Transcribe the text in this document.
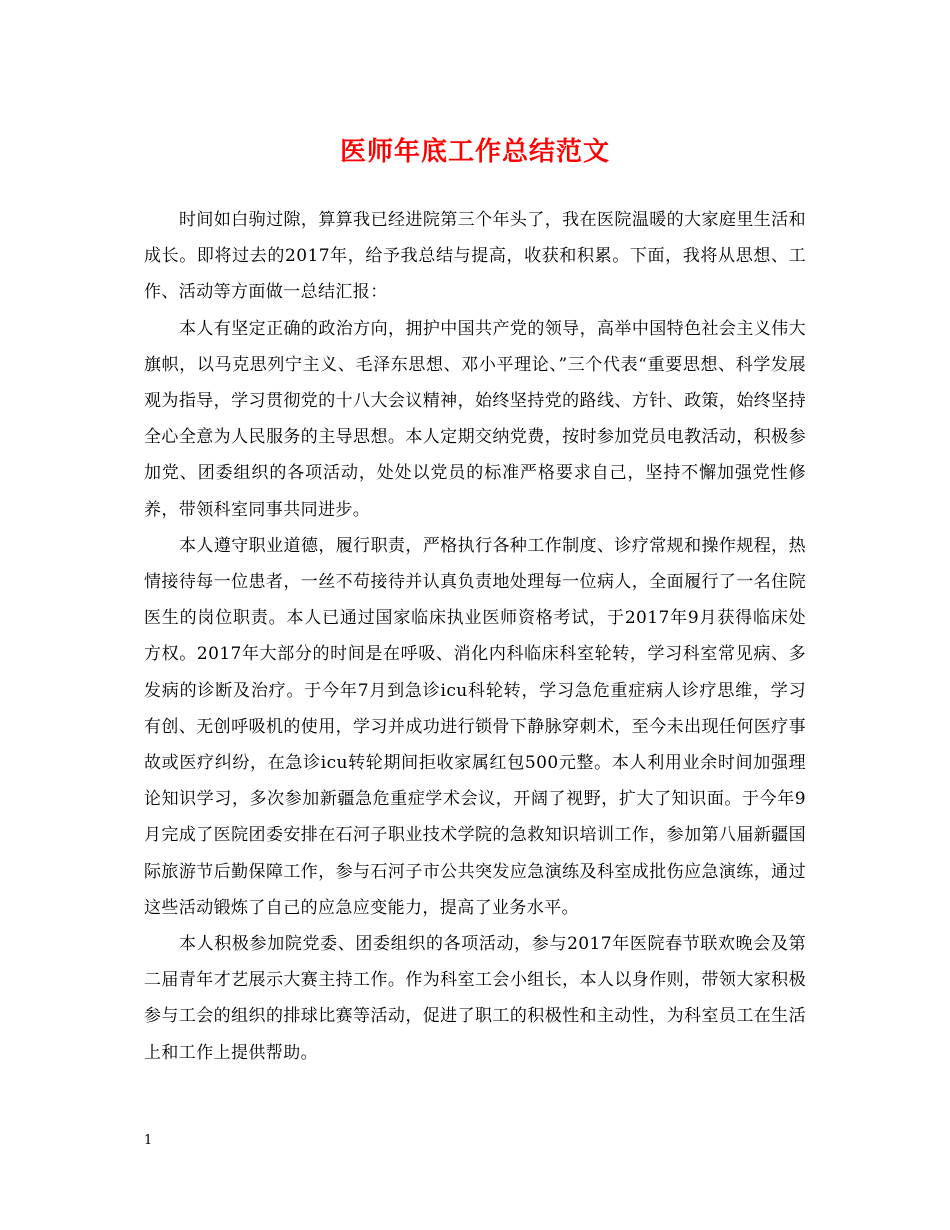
医师年底工作总结范文

时间如白驹过隙，算算我已经进院第三个年头了，我在医院温暖的大家庭里生活和成长。即将过去的2017年，给予我总结与提高，收获和积累。下面，我将从思想、工作、活动等方面做一总结汇报：

本人有坚定正确的政治方向，拥护中国共产党的领导，高举中国特色社会主义伟大旗帜，以马克思列宁主义、毛泽东思想、邓小平理论、”三个代表“重要思想、科学发展观为指导，学习贯彻党的十八大会议精神，始终坚持党的路线、方针、政策，始终坚持全心全意为人民服务的主导思想。本人定期交纳党费，按时参加党员电教活动，积极参加党、团委组织的各项活动，处处以党员的标准严格要求自己，坚持不懈加强党性修养，带领科室同事共同进步。

本人遵守职业道德，履行职责，严格执行各种工作制度、诊疗常规和操作规程，热情接待每一位患者，一丝不苟接待并认真负责地处理每一位病人，全面履行了一名住院医生的岗位职责。本人已通过国家临床执业医师资格考试，于2017年9月获得临床处方权。2017年大部分的时间是在呼吸、消化内科临床科室轮转，学习科室常见病、多发病的诊断及治疗。于今年7月到急诊icu科轮转，学习急危重症病人诊疗思维，学习有创、无创呼吸机的使用，学习并成功进行锁骨下静脉穿刺术，至今未出现任何医疗事故或医疗纠纷，在急诊icu转轮期间拒收家属红包500元整。本人利用业余时间加强理论知识学习，多次参加新疆急危重症学术会议，开阔了视野，扩大了知识面。于今年9月完成了医院团委安排在石河子职业技术学院的急救知识培训工作，参加第八届新疆国际旅游节后勤保障工作，参与石河子市公共突发应急演练及科室成批伤应急演练，通过这些活动锻炼了自己的应急应变能力，提高了业务水平。

本人积极参加院党委、团委组织的各项活动，参与2017年医院春节联欢晚会及第二届青年才艺展示大赛主持工作。作为科室工会小组长，本人以身作则，带领大家积极参与工会的组织的排球比赛等活动，促进了职工的积极性和主动性，为科室员工在生活上和工作上提供帮助。

1
